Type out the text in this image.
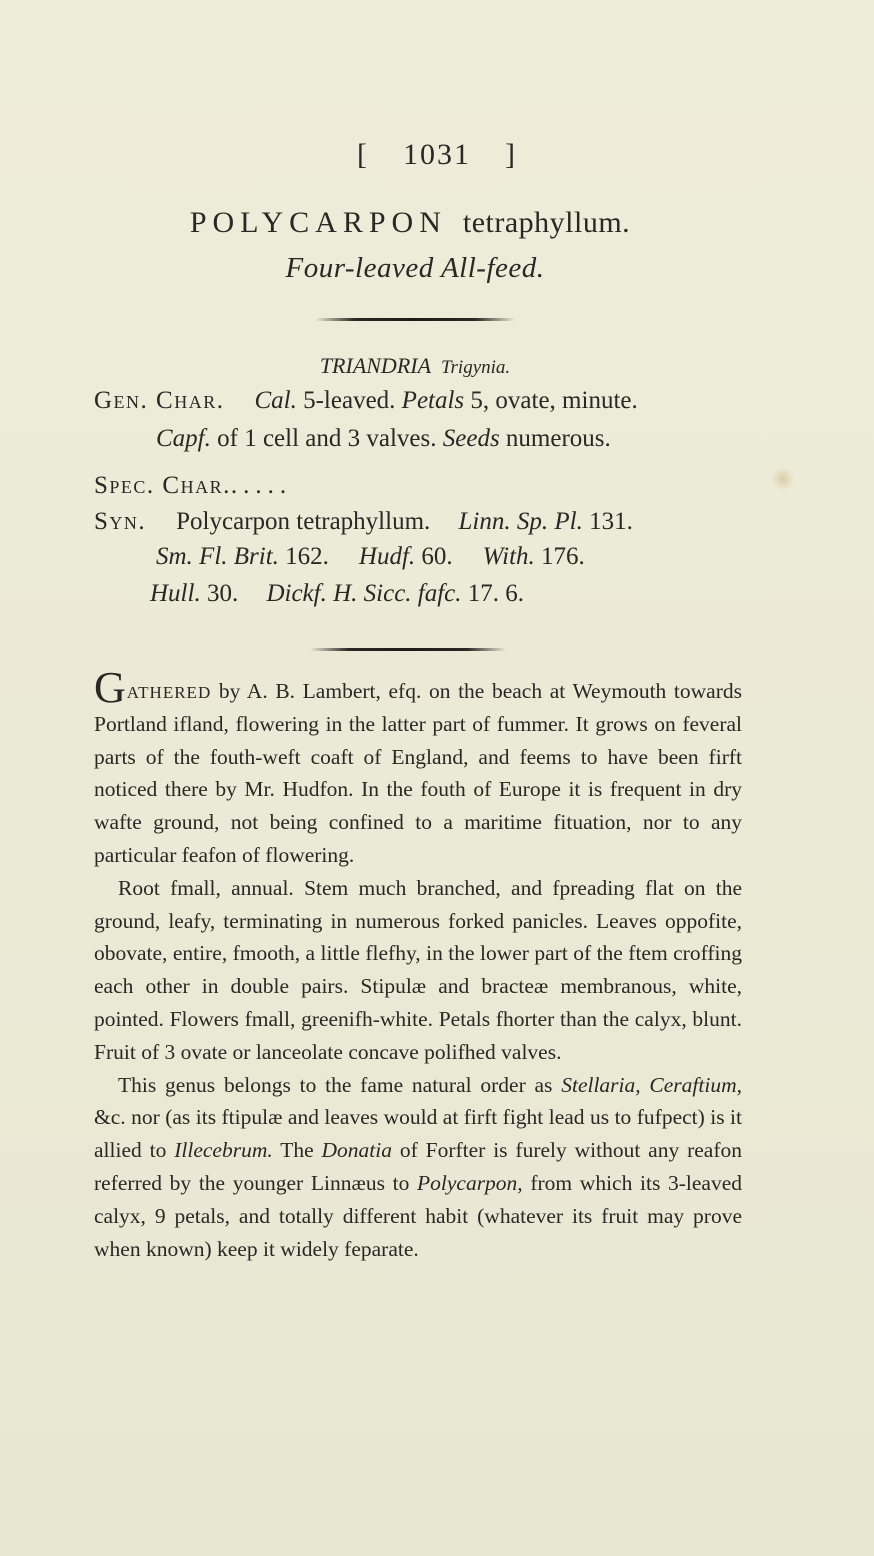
[ 1031 ]
POLYCARPON tetraphyllum.
Four-leaved All-feed.
TRIANDRIA Trigynia.
Gen. Char. Cal. 5-leaved. Petals 5, ovate, minute.
Capf. of 1 cell and 3 valves. Seeds numerous.
Spec. Char......
Syn. Polycarpon tetraphyllum. Linn. Sp. Pl. 131.
Sm. Fl. Brit. 162. Hudf. 60. With. 176.
Hull. 30. Dickf. H. Sicc. fafc. 17. 6.

Gathered by A. B. Lambert, efq. on the beach at Weymouth towards Portland ifland, flowering in the latter part of fummer. It grows on feveral parts of the fouth-weft coaft of England, and feems to have been firft noticed there by Mr. Hudfon. In the fouth of Europe it is frequent in dry wafte ground, not being confined to a maritime fituation, nor to any particular feafon of flowering.

Root fmall, annual. Stem much branched, and fpreading flat on the ground, leafy, terminating in numerous forked panicles. Leaves oppofite, obovate, entire, fmooth, a little flefhy, in the lower part of the ftem croffing each other in double pairs. Stipulæ and bractеæ membranous, white, pointed. Flowers fmall, greenifh-white. Petals fhorter than the calyx, blunt. Fruit of 3 ovate or lanceolate concave polifhed valves.

This genus belongs to the fame natural order as Stellaria, Ceraftium, &c. nor (as its ftipulæ and leaves would at firft fight lead us to fufpect) is it allied to Illecebrum. The Donatia of Forfter is furely without any reafon referred by the younger Linnæus to Polycarpon, from which its 3-leaved calyx, 9 petals, and totally different habit (whatever its fruit may prove when known) keep it widely feparate.
